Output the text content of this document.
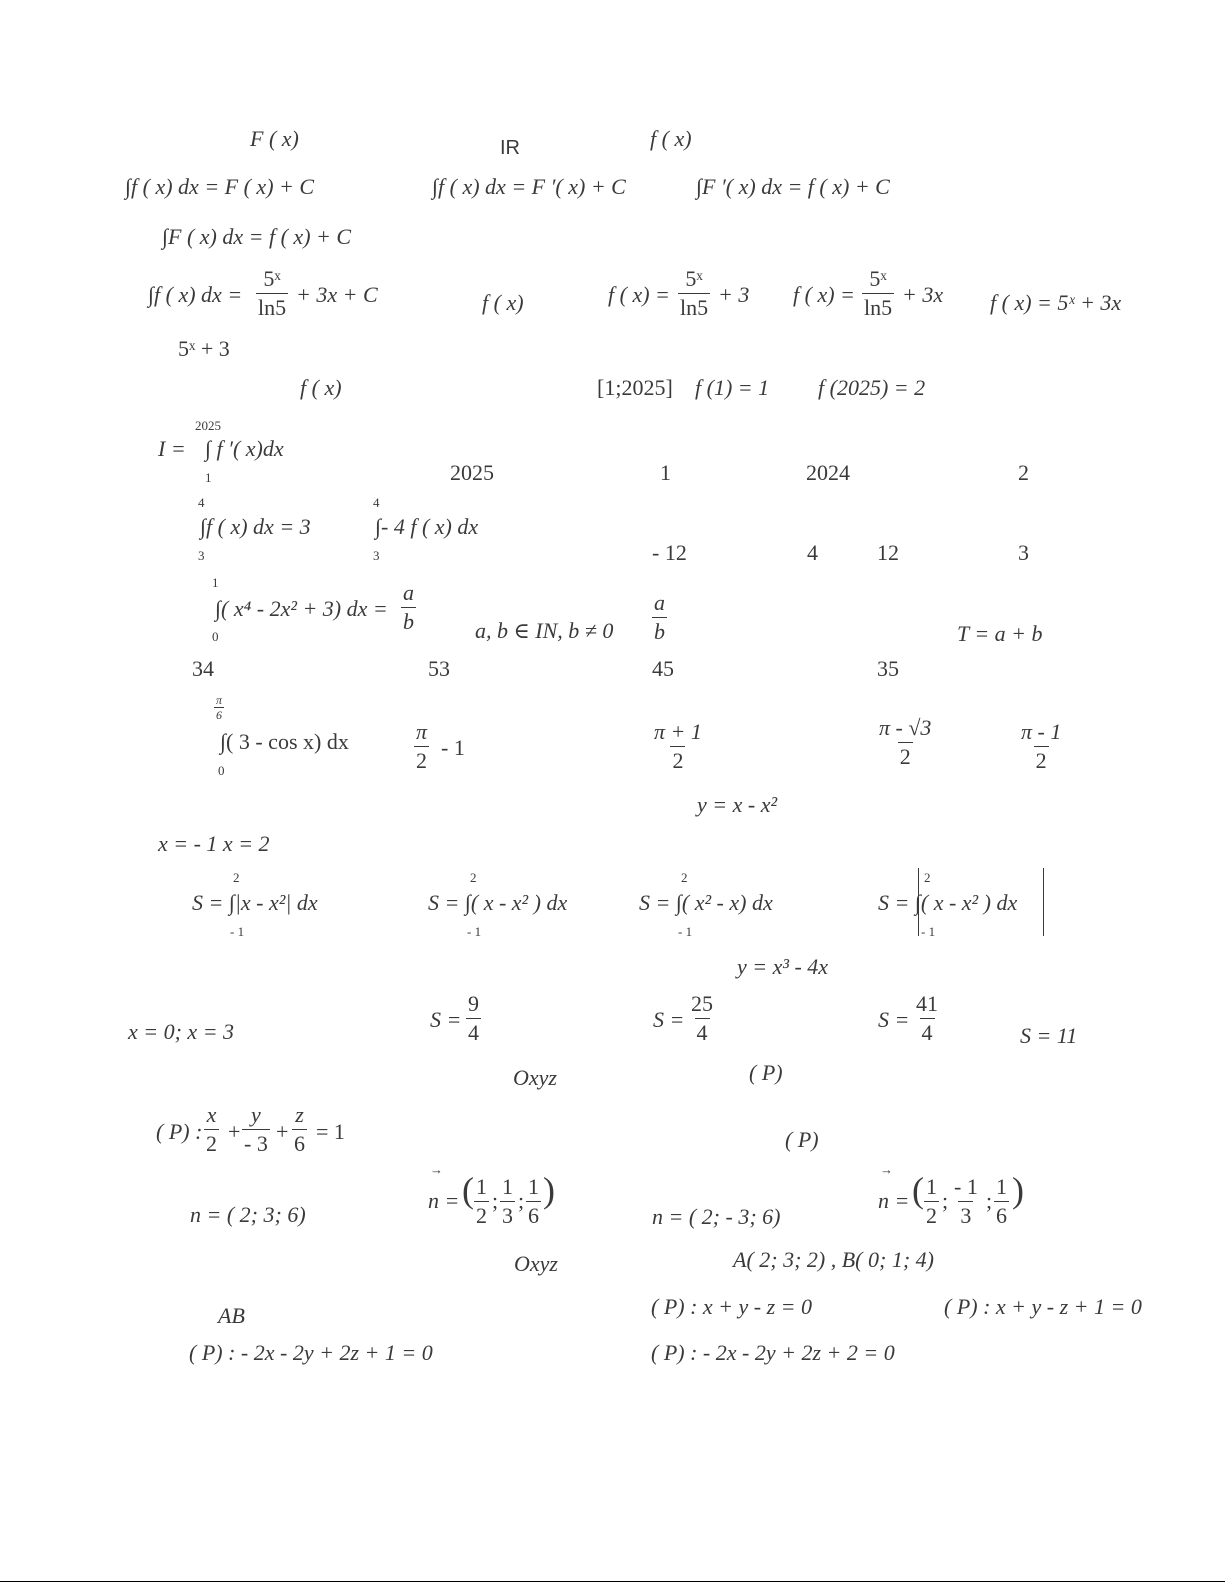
F ( x)	IR	f ( x)
∫f ( x) dx = F ( x) + C	∫f ( x) dx = F ′( x) + C	∫F ′( x) dx = f ( x) + C
∫F ( x) dx = f ( x) + C
∫f ( x) dx = $\frac{\text{5ˣ}}{\ln 5} + 3x + C$	f ( x)	f ( $x) = \frac{\text{5ˣ}}{\ln 5} + 3$ f ( $x) = \frac{\text{5ˣ}}{\ln 5} + 3x$ f ( x) = 5ˣ + 3x
5ˣ + 3
f ( x)	[1;2025] f (1) = 1 f (2025) = 2
I =
2025
1
∫ f ′( x)dx
2025	1	2024	2
4
3
∫f ( x) dx = 3
4
3
∫- 4 f ( x) dx
- 12	4	12	3
1
0
∫( x⁴ - 2x² + 3) dx = $\frac{a}{b}$	a, b ∈ IN, $b \ne 0 \frac{a}{b}$	T = a + b
34	53	45	35
$\frac{\pi}{6}$
0
∫( 3 - cos x) dx	$\frac{\pi}{2} - 1$	$\frac{\pi + 1}{2}$	$\frac{\pi - √3}{2}$	$\frac{\pi - 1}{2}$
y = x - x²
x = - 1 x = 2
2
- 1
S = ∫|x - x²| dx
2
- 1
S = ∫( x - x² ) dx
2
- 1
S = ∫( x² - x) dx
2
- 1
S = ∫( x - x² ) dx
y = x³ - 4x
x = 0; x = 3	$S = \frac{9}{4}$	$S = \frac{25}{4}$	$S = \frac{41}{4}$	S = 11
Oxyz	( P)
( P) : $\frac{x}{2} + \frac{y}{- 3} + \frac{z}{6} = 1$	( P)
n = ( 2; 3; 6)
→
n = ( $\frac{1}{2}$ ; $\frac{1}{3}$ ; $\frac{1}{6}$ )
n = ( 2; - 3; 6)
→
n = ( $\frac{1}{2}$ ; $\frac{- 1}{3}$ ; $\frac{1}{6}$ )
Oxyz	A( 2; 3; 2) , B( 0; 1; 4)
AB	( P) : x + y - z = 0	( P) : x + y - z + 1 = 0
( P) : - 2x - 2y + 2z + 1 = 0	( P) : - 2x - 2y + 2z + 2 = 0
